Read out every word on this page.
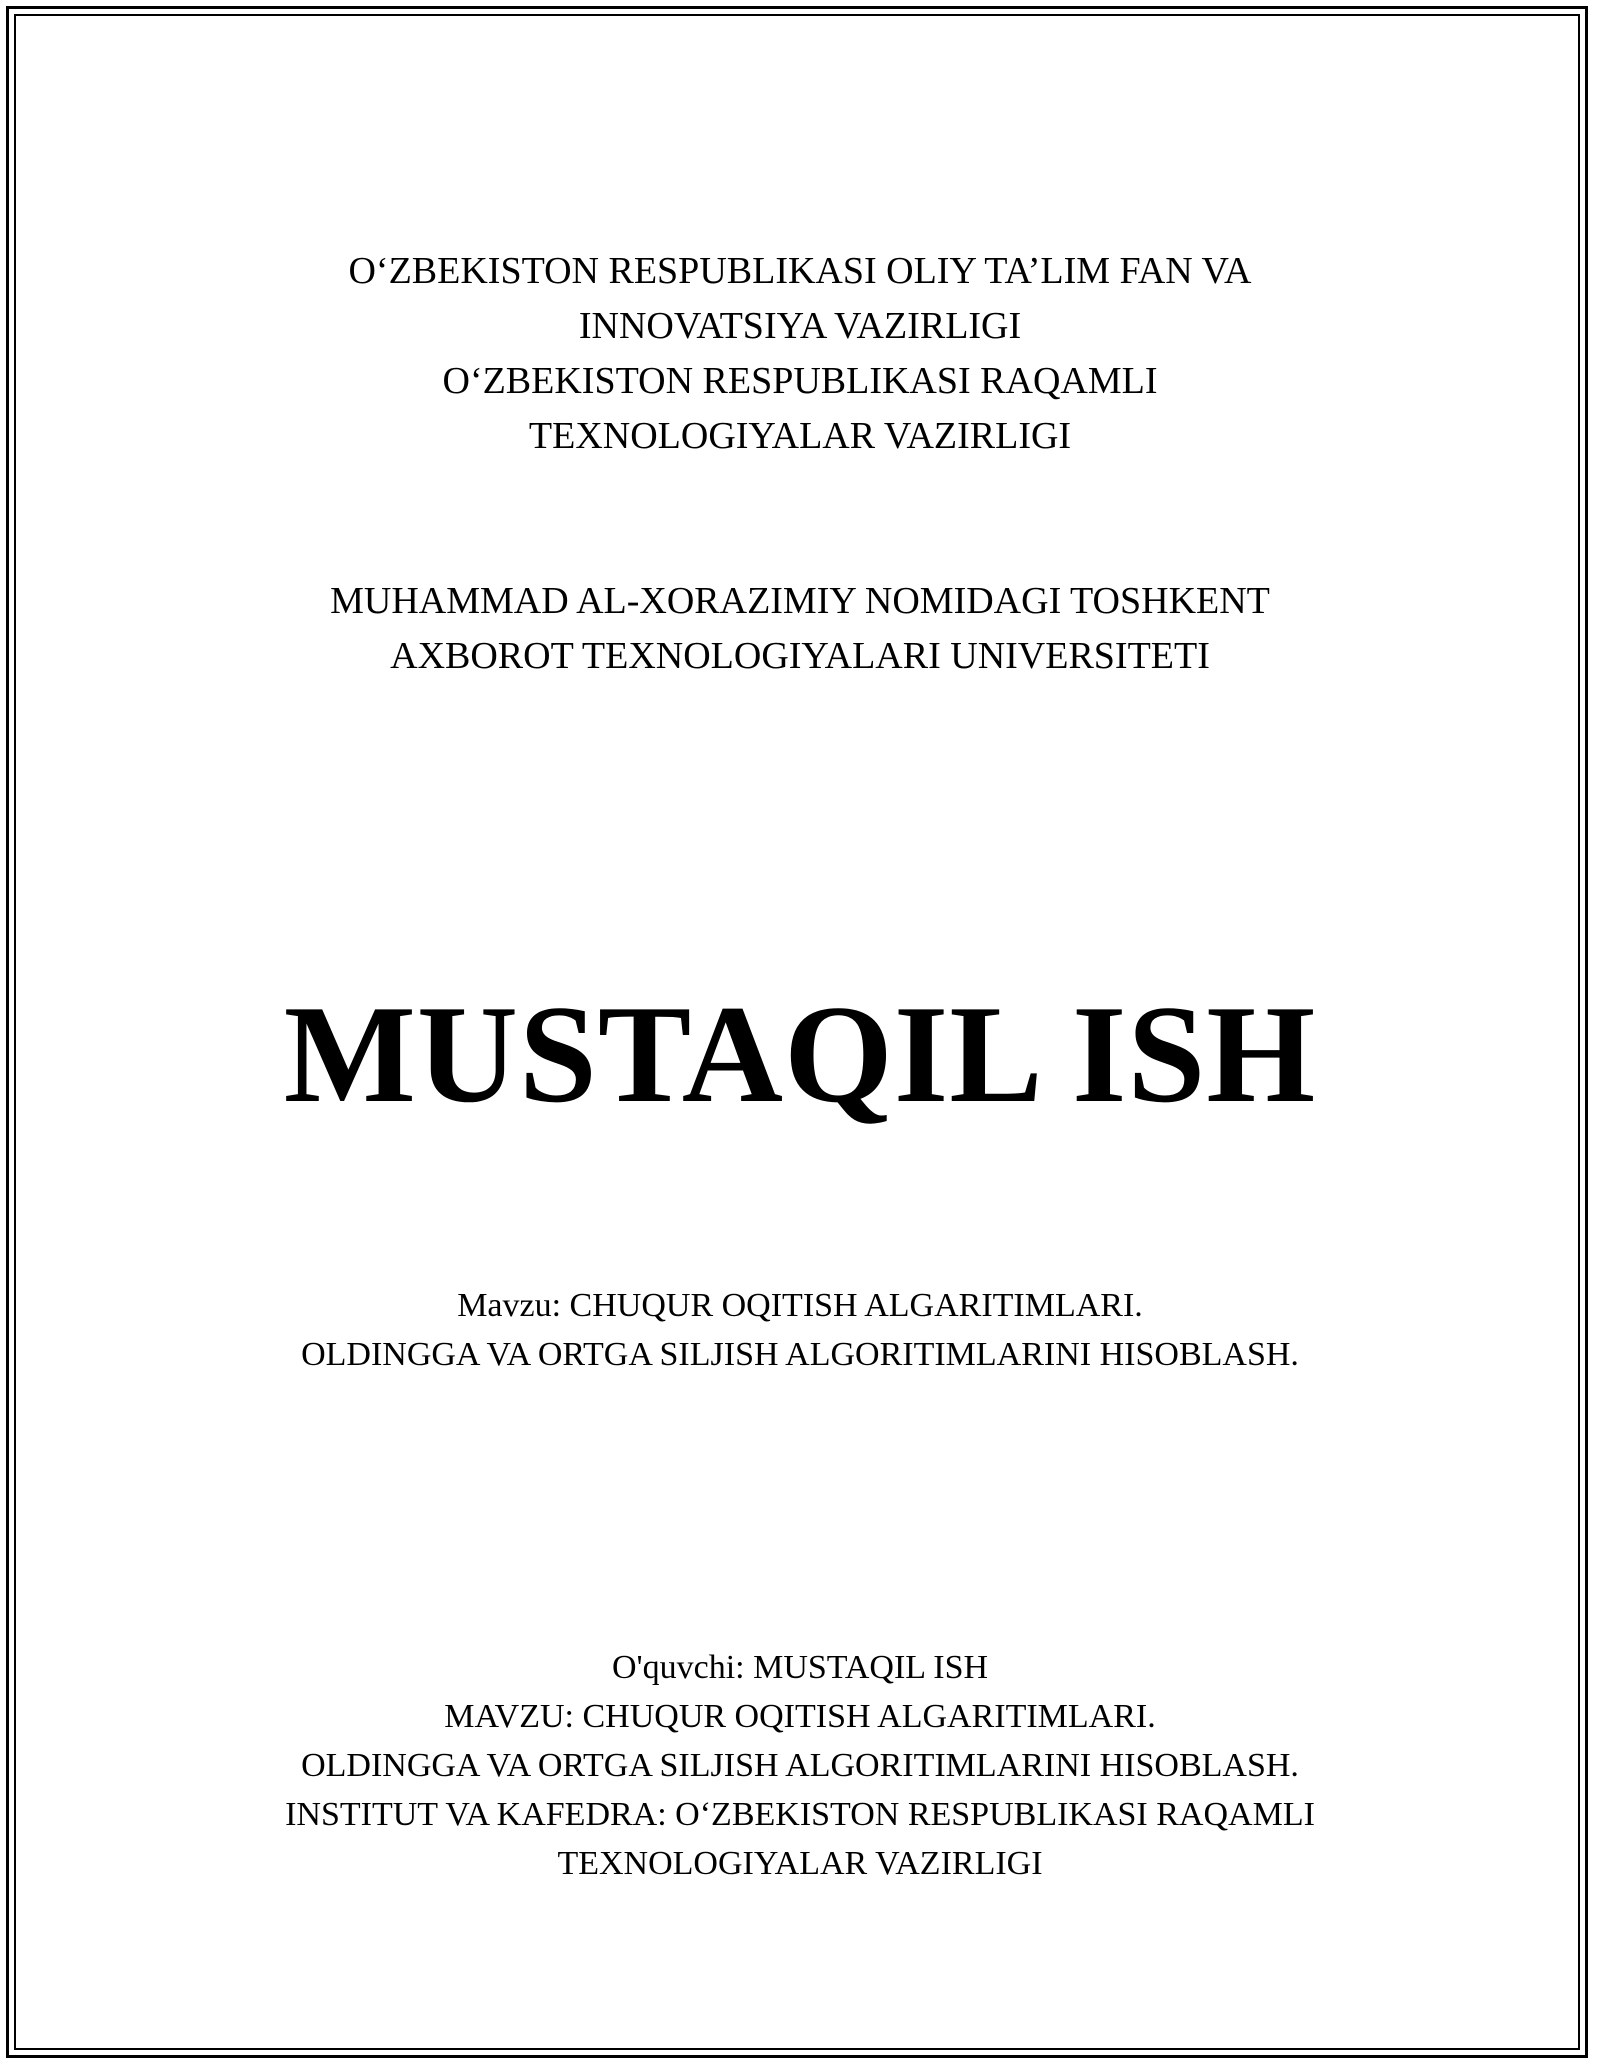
O‘ZBEKISTON RESPUBLIKASI OLIY TA’LIM FAN VA
INNOVATSIYA VAZIRLIGI
O‘ZBEKISTON RESPUBLIKASI RAQAMLI
TEXNOLOGIYALAR VAZIRLIGI
MUHAMMAD AL-XORAZIMIY NOMIDAGI TOSHKENT
AXBOROT TEXNOLOGIYALARI UNIVERSITETI
MUSTAQIL ISH
Mavzu: CHUQUR OQITISH ALGARITIMLARI.
OLDINGGA VA ORTGA SILJISH ALGORITIMLARINI HISOBLASH.
O'quvchi: MUSTAQIL ISH
MAVZU: CHUQUR OQITISH ALGARITIMLARI.
OLDINGGA VA ORTGA SILJISH ALGORITIMLARINI HISOBLASH.
INSTITUT VA KAFEDRA: O‘ZBEKISTON RESPUBLIKASI RAQAMLI
TEXNOLOGIYALAR VAZIRLIGI
